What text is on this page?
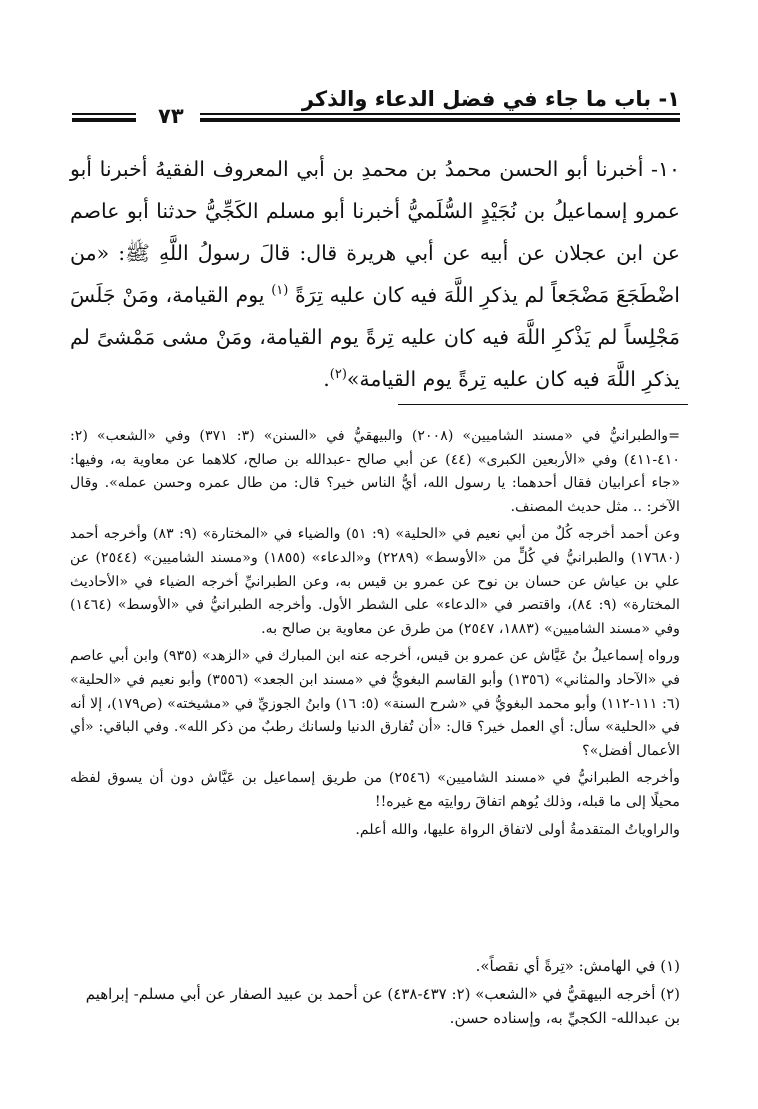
١- باب ما جاء في فضل الدعاء والذكر
٧٣

١٠- أخبرنا أبو الحسن محمدُ بن محمدِ بن أبي المعروف الفقيهُ أخبرنا أبو عمرو إسماعيلُ بن نُجَيْدٍ السُّلَميُّ أخبرنا أبو مسلم الكَجِّيُّ حدثنا أبو عاصم عن ابن عجلان عن أبيه عن أبي هريرة قال: قالَ رسولُ اللَّهِ ﷺ: «من اضْطَجَعَ مَضْجَعاً لم يذكرِ اللَّهَ فيه كان عليه تِرَةً $^{(١)}$ يوم القيامة، ومَنْ جَلَسَ مَجْلِساً لم يَذْكرِ اللَّهَ فيه كان عليه تِرةً يوم القيامة، ومَنْ مشى مَمْشىً لم يذكرِ اللَّهَ فيه كان عليه تِرةً يوم القيامة»$^{(٢)}$.

=والطبرانيُّ في «مسند الشاميين» (٢٠٠٨) والبيهقيُّ في «السنن» (٣: ٣٧١) وفي «الشعب» (٢: ٤١٠-٤١١) وفي «الأربعين الكبرى» (٤٤) عن أبي صالح -عبدالله بن صالح، كلاهما عن معاوية به، وفيها: «جاء أعرابيان فقال أحدهما: يا رسول الله، أيُّ الناس خير؟ قال: من طال عمره وحسن عمله». وقال الآخر: .. مثل حديث المصنف.

وعن أحمد أخرجه كُلٌ من أبي نعيم في «الحلية» (٩: ٥١) والضياء في «المختارة» (٩: ٨٣) وأخرجه أحمد (١٧٦٨٠) والطبرانيُّ في كُلٍّ من «الأوسط» (٢٢٨٩) و«الدعاء» (١٨٥٥) و«مسند الشاميين» (٢٥٤٤) عن علي بن عياش عن حسان بن نوح عن عمرو بن قيس به، وعن الطبرانيِّ أخرجه الضياء في «الأحاديث المختارة» (٩: ٨٤)، واقتصر في «الدعاء» على الشطر الأول. وأخرجه الطبرانيُّ في «الأوسط» (١٤٦٤) وفي «مسند الشاميين» (١٨٨٣، ٢٥٤٧) من طرق عن معاوية بن صالح به.

ورواه إسماعيلُ بنُ عَيَّاش عن عمرو بن قيس، أخرجه عنه ابن المبارك في «الزهد» (٩٣٥) وابن أبي عاصم في «الآحاد والمثاني» (١٣٥٦) وأبو القاسم البغويُّ في «مسند ابن الجعد» (٣٥٥٦) وأبو نعيم في «الحلية» (٦: ١١١-١١٢) وأبو محمد البغويُّ في «شرح السنة» (٥: ١٦) وابنُ الجوزيِّ في «مشيخته» (ص١٧٩)، إلا أنه في «الحلية» سأل: أي العمل خير؟ قال: «أن تُفارق الدنيا ولسانك رطبٌ من ذكر الله». وفي الباقي: «أي الأعمال أفضل»؟

وأخرجه الطبرانيُّ في «مسند الشاميين» (٢٥٤٦) من طريق إسماعيل بن عَيَّاش دون أن يسوق لفظه محيلًا إلى ما قبله، وذلك يُوهم اتفاقَ روايتِه مع غيره!!

والراوياتُ المتقدمةُ أولى لاتفاق الرواة عليها، والله أعلم.

(١) في الهامش: «تِرةً أي نقصاً».

(٢) أخرجه البيهقيُّ في «الشعب» (٢: ٤٣٧-٤٣٨) عن أحمد بن عبيد الصفار عن أبي مسلم- إبراهيم بن عبدالله- الكجيِّ به، وإسناده حسن.
